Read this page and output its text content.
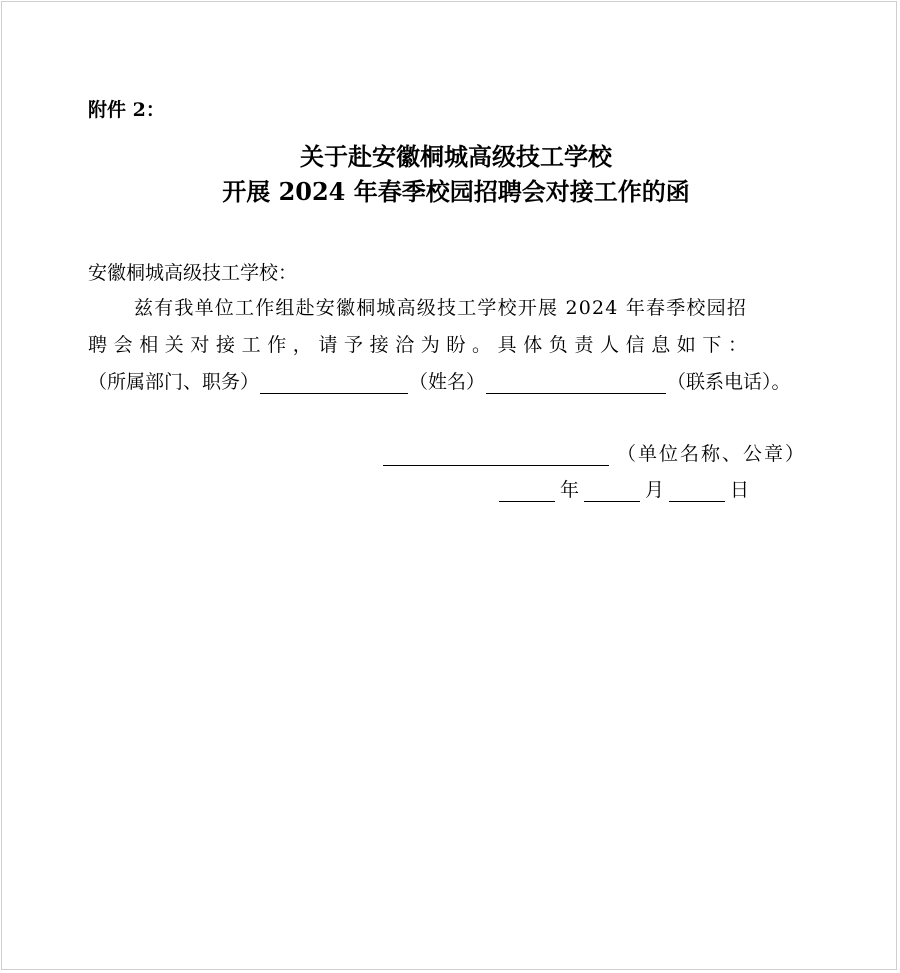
附件 2：
关于赴安徽桐城高级技工学校
开展 2024 年春季校园招聘会对接工作的函
安徽桐城高级技工学校：
兹有我单位工作组赴安徽桐城高级技工学校开展 2024 年春季校园招
聘会相关对接工作，请予接洽为盼。具体负责人信息如下：
（所属部门、职务）	（姓名）	（联系电话）。
（单位名称、公章）
年	月	日
